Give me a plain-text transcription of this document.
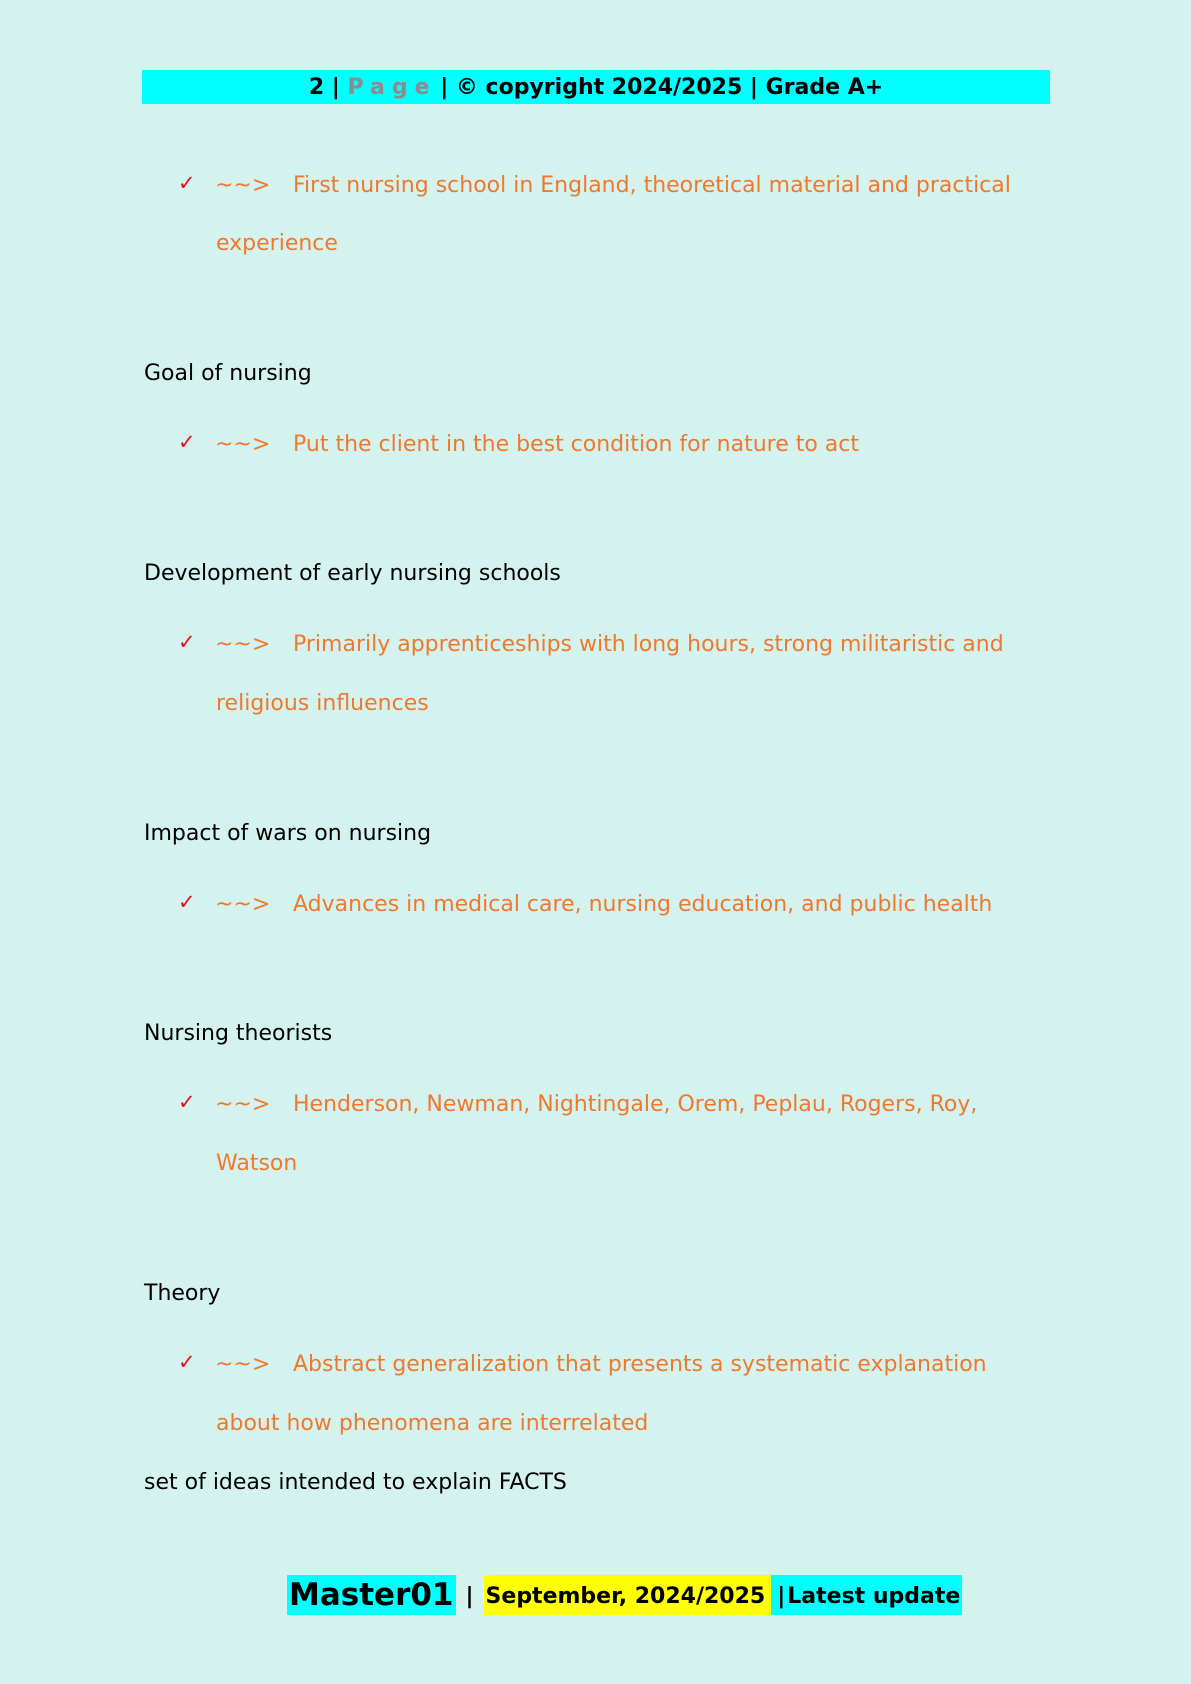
2 | Page
| © copyright 2024/2025 | Grade A+
✓ ~~> First nursing school in England, theoretical material and practical
experience
Goal of nursing
✓ ~~> Put the client in the best condition for nature to act
Development of early nursing schools
✓ ~~> Primarily apprenticeships with long hours, strong militaristic and
religious influences
Impact of wars on nursing
✓ ~~> Advances in medical care, nursing education, and public health
Nursing theorists
✓ ~~> Henderson, Newman, Nightingale, Orem, Peplau, Rogers, Roy,
Watson
Theory
✓ ~~> Abstract generalization that presents a systematic explanation
about how phenomena are interrelated
set of ideas intended to explain FACTS
Master01 | September, 2024/2025 | Latest update
